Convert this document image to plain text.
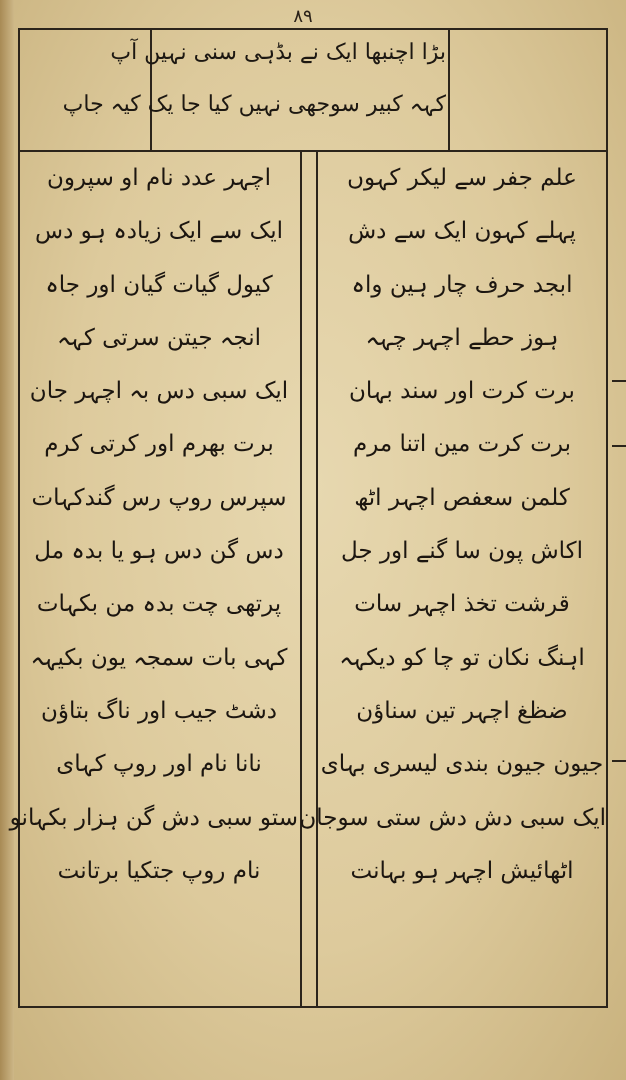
۸۹
بڑا اچنبھا ایک نے بڈہی سنی نہیں آپ
کہہ کبیر سوجھی نہیں کیا جا یک کیہ جاپ
علم جفر سے لیکر کہوں
پہلے کہون ایک سے دش
ابجد حرف چار ہین واہ
ہوز حطے اچہر چہہ
برت کرت اور سند بہان
برت کرت مین اتنا مرم
کلمن سعفص اچہر اٹھ
اکاش پون سا گنے اور جل
قرشت تخذ اچہر سات
اہنگ نکان تو چا کو دیکہہ
ضظغ اچہر تین سناؤن
جیون جیون بندی لیسری بہای
ایک سبی دش دش ستی سوجان
اٹھائیش اچہر ہو بہانت
اچہر عدد نام او سپرون
ایک سے ایک زیادہ ہو دس
کیول گیات گیان اور جاہ
انجہ جیتن سرتی کہہ
ایک سبی دس بہ اچہر جان
برت بھرم اور کرتی کرم
سپرس روپ رس گندکہات
دس گن دس ہو یا بدہ مل
پرتھی چت بدہ من بکہات
کہی بات سمجہ یون بکیہہ
دشٹ جیب اور ناگ بتاؤن
نانا نام اور روپ کہای
ستو سبی دش گن ہزار بکہانو
نام روپ جتکیا برتانت
